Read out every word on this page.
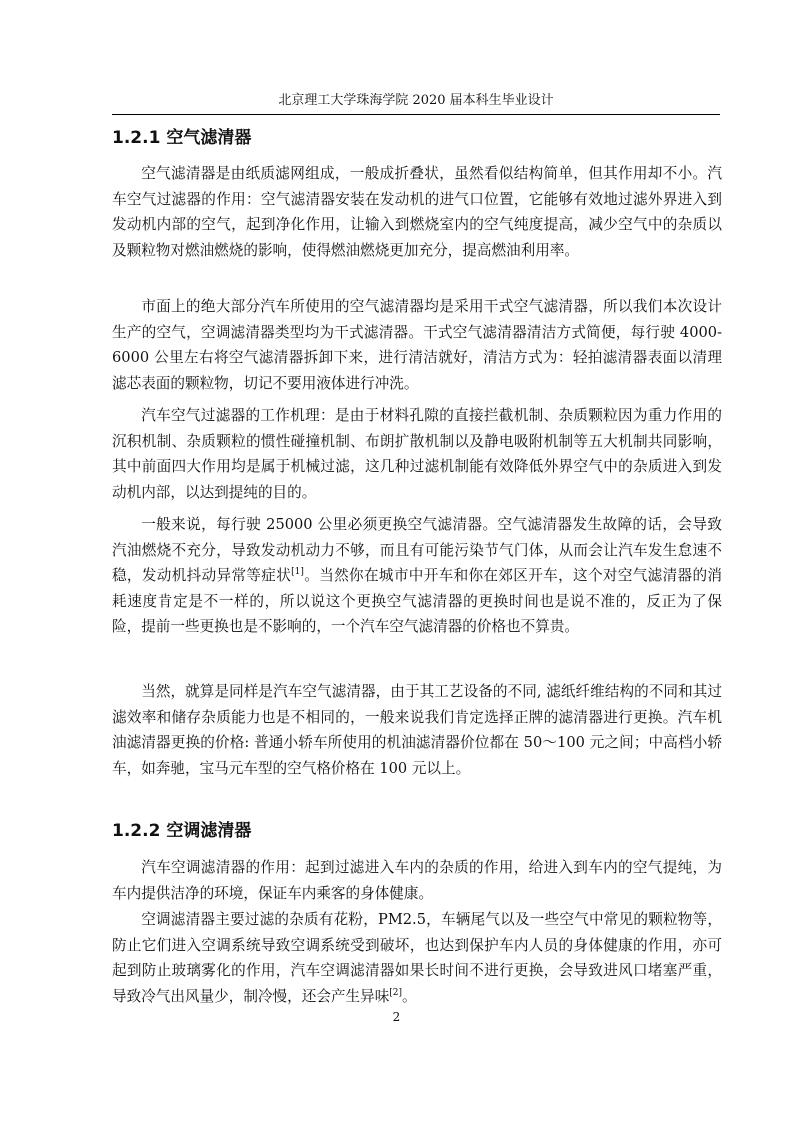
北京理工大学珠海学院 2020 届本科生毕业设计
1.2.1 空气滤清器

空气滤清器是由纸质滤网组成，一般成折叠状，虽然看似结构简单，但其作用却不小。汽车空气过滤器的作用：空气滤清器安装在发动机的进气口位置，它能够有效地过滤外界进入到发动机内部的空气，起到净化作用，让输入到燃烧室内的空气纯度提高，减少空气中的杂质以及颗粒物对燃油燃烧的影响，使得燃油燃烧更加充分，提高燃油利用率。

市面上的绝大部分汽车所使用的空气滤清器均是采用干式空气滤清器，所以我们本次设计生产的空气，空调滤清器类型均为干式滤清器。干式空气滤清器清洁方式简便，每行驶 4000-6000 公里左右将空气滤清器拆卸下来，进行清洁就好，清洁方式为：轻拍滤清器表面以清理滤芯表面的颗粒物，切记不要用液体进行冲洗。

汽车空气过滤器的工作机理：是由于材料孔隙的直接拦截机制、杂质颗粒因为重力作用的沉积机制、杂质颗粒的惯性碰撞机制、布朗扩散机制以及静电吸附机制等五大机制共同影响，其中前面四大作用均是属于机械过滤，这几种过滤机制能有效降低外界空气中的杂质进入到发动机内部，以达到提纯的目的。

一般来说，每行驶 25000 公里必须更换空气滤清器。空气滤清器发生故障的话，会导致汽油燃烧不充分，导致发动机动力不够，而且有可能污染节气门体，从而会让汽车发生怠速不稳，发动机抖动异常等症状[1]。当然你在城市中开车和你在郊区开车，这个对空气滤清器的消耗速度肯定是不一样的，所以说这个更换空气滤清器的更换时间也是说不准的，反正为了保险，提前一些更换也是不影响的，一个汽车空气滤清器的价格也不算贵。

当然，就算是同样是汽车空气滤清器，由于其工艺设备的不同, 滤纸纤维结构的不同和其过滤效率和储存杂质能力也是不相同的，一般来说我们肯定选择正牌的滤清器进行更换。汽车机油滤清器更换的价格: 普通小轿车所使用的机油滤清器价位都在 50～100 元之间；中高档小轿车，如奔驰，宝马元车型的空气格价格在 100 元以上。

1.2.2 空调滤清器

汽车空调滤清器的作用：起到过滤进入车内的杂质的作用，给进入到车内的空气提纯，为车内提供洁净的环境，保证车内乘客的身体健康。

空调滤清器主要过滤的杂质有花粉，PM2.5，车辆尾气以及一些空气中常见的颗粒物等，防止它们进入空调系统导致空调系统受到破坏，也达到保护车内人员的身体健康的作用，亦可起到防止玻璃雾化的作用，汽车空调滤清器如果长时间不进行更换，会导致进风口堵塞严重，导致冷气出风量少，制冷慢，还会产生异味[2]。

2
